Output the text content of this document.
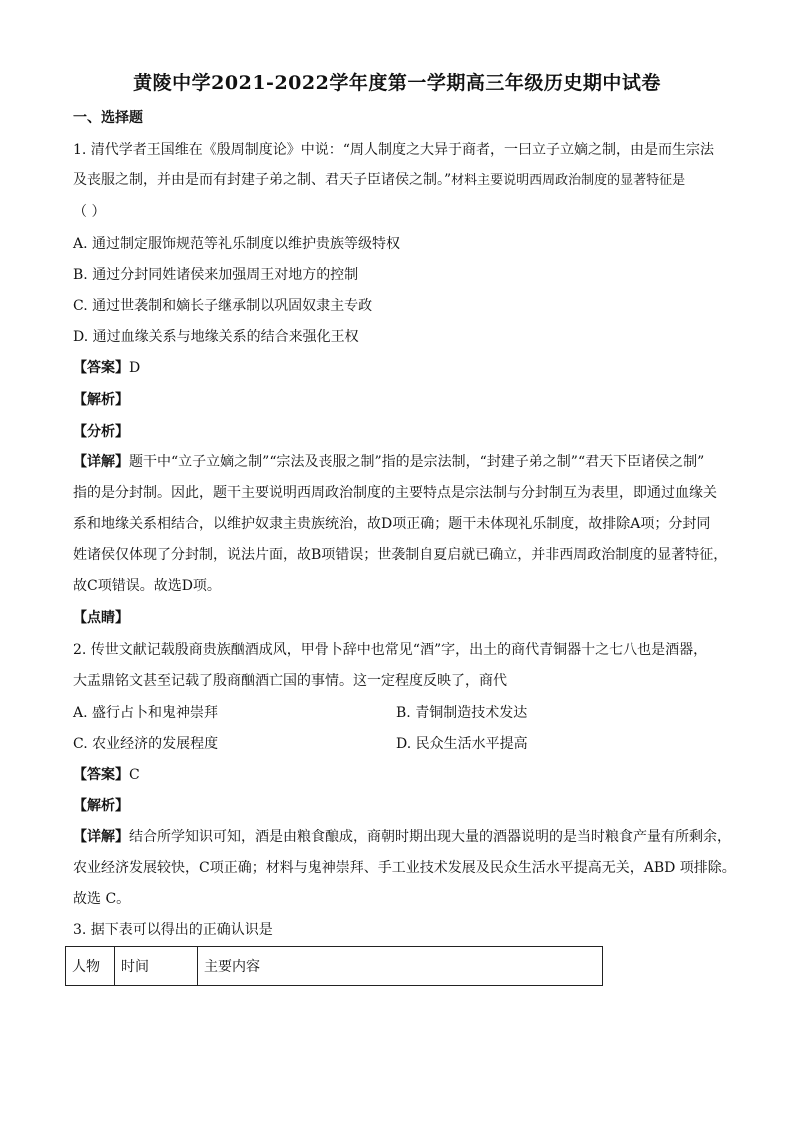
黄陵中学2021-2022学年度第一学期高三年级历史期中试卷
一、选择题
1. 清代学者王国维在《殷周制度论》中说：“周人制度之大异于商者，一曰立子立嫡之制，由是而生宗法
及丧服之制，并由是而有封建子弟之制、君天子臣诸侯之制。”材料主要说明西周政治制度的显著特征是
（ ）
A. 通过制定服饰规范等礼乐制度以维护贵族等级特权
B. 通过分封同姓诸侯来加强周王对地方的控制
C. 通过世袭制和嫡长子继承制以巩固奴隶主专政
D. 通过血缘关系与地缘关系的结合来强化王权
【答案】D
【解析】
【分析】
【详解】题干中“立子立嫡之制”“宗法及丧服之制”指的是宗法制，“封建子弟之制”“君天下臣诸侯之制”
指的是分封制。因此，题干主要说明西周政治制度的主要特点是宗法制与分封制互为表里，即通过血缘关
系和地缘关系相结合，以维护奴隶主贵族统治，故D项正确；题干未体现礼乐制度，故排除A项；分封同
姓诸侯仅体现了分封制，说法片面，故B项错误；世袭制自夏启就已确立，并非西周政治制度的显著特征，
故C项错误。故选D项。
【点睛】
2. 传世文献记载殷商贵族酗酒成风，甲骨卜辞中也常见“酒”字，出土的商代青铜器十之七八也是酒器，
大盂鼎铭文甚至记载了殷商酗酒亡国的事情。这一定程度反映了，商代
A. 盛行占卜和鬼神崇拜	B. 青铜制造技术发达
C. 农业经济的发展程度	D. 民众生活水平提高
【答案】C
【解析】
【详解】结合所学知识可知，酒是由粮食酿成，商朝时期出现大量的酒器说明的是当时粮食产量有所剩余，
农业经济发展较快，C项正确；材料与鬼神崇拜、手工业技术发展及民众生活水平提高无关，ABD 项排除。
故选 C。
3. 据下表可以得出的正确认识是
人物	时间	主要内容
